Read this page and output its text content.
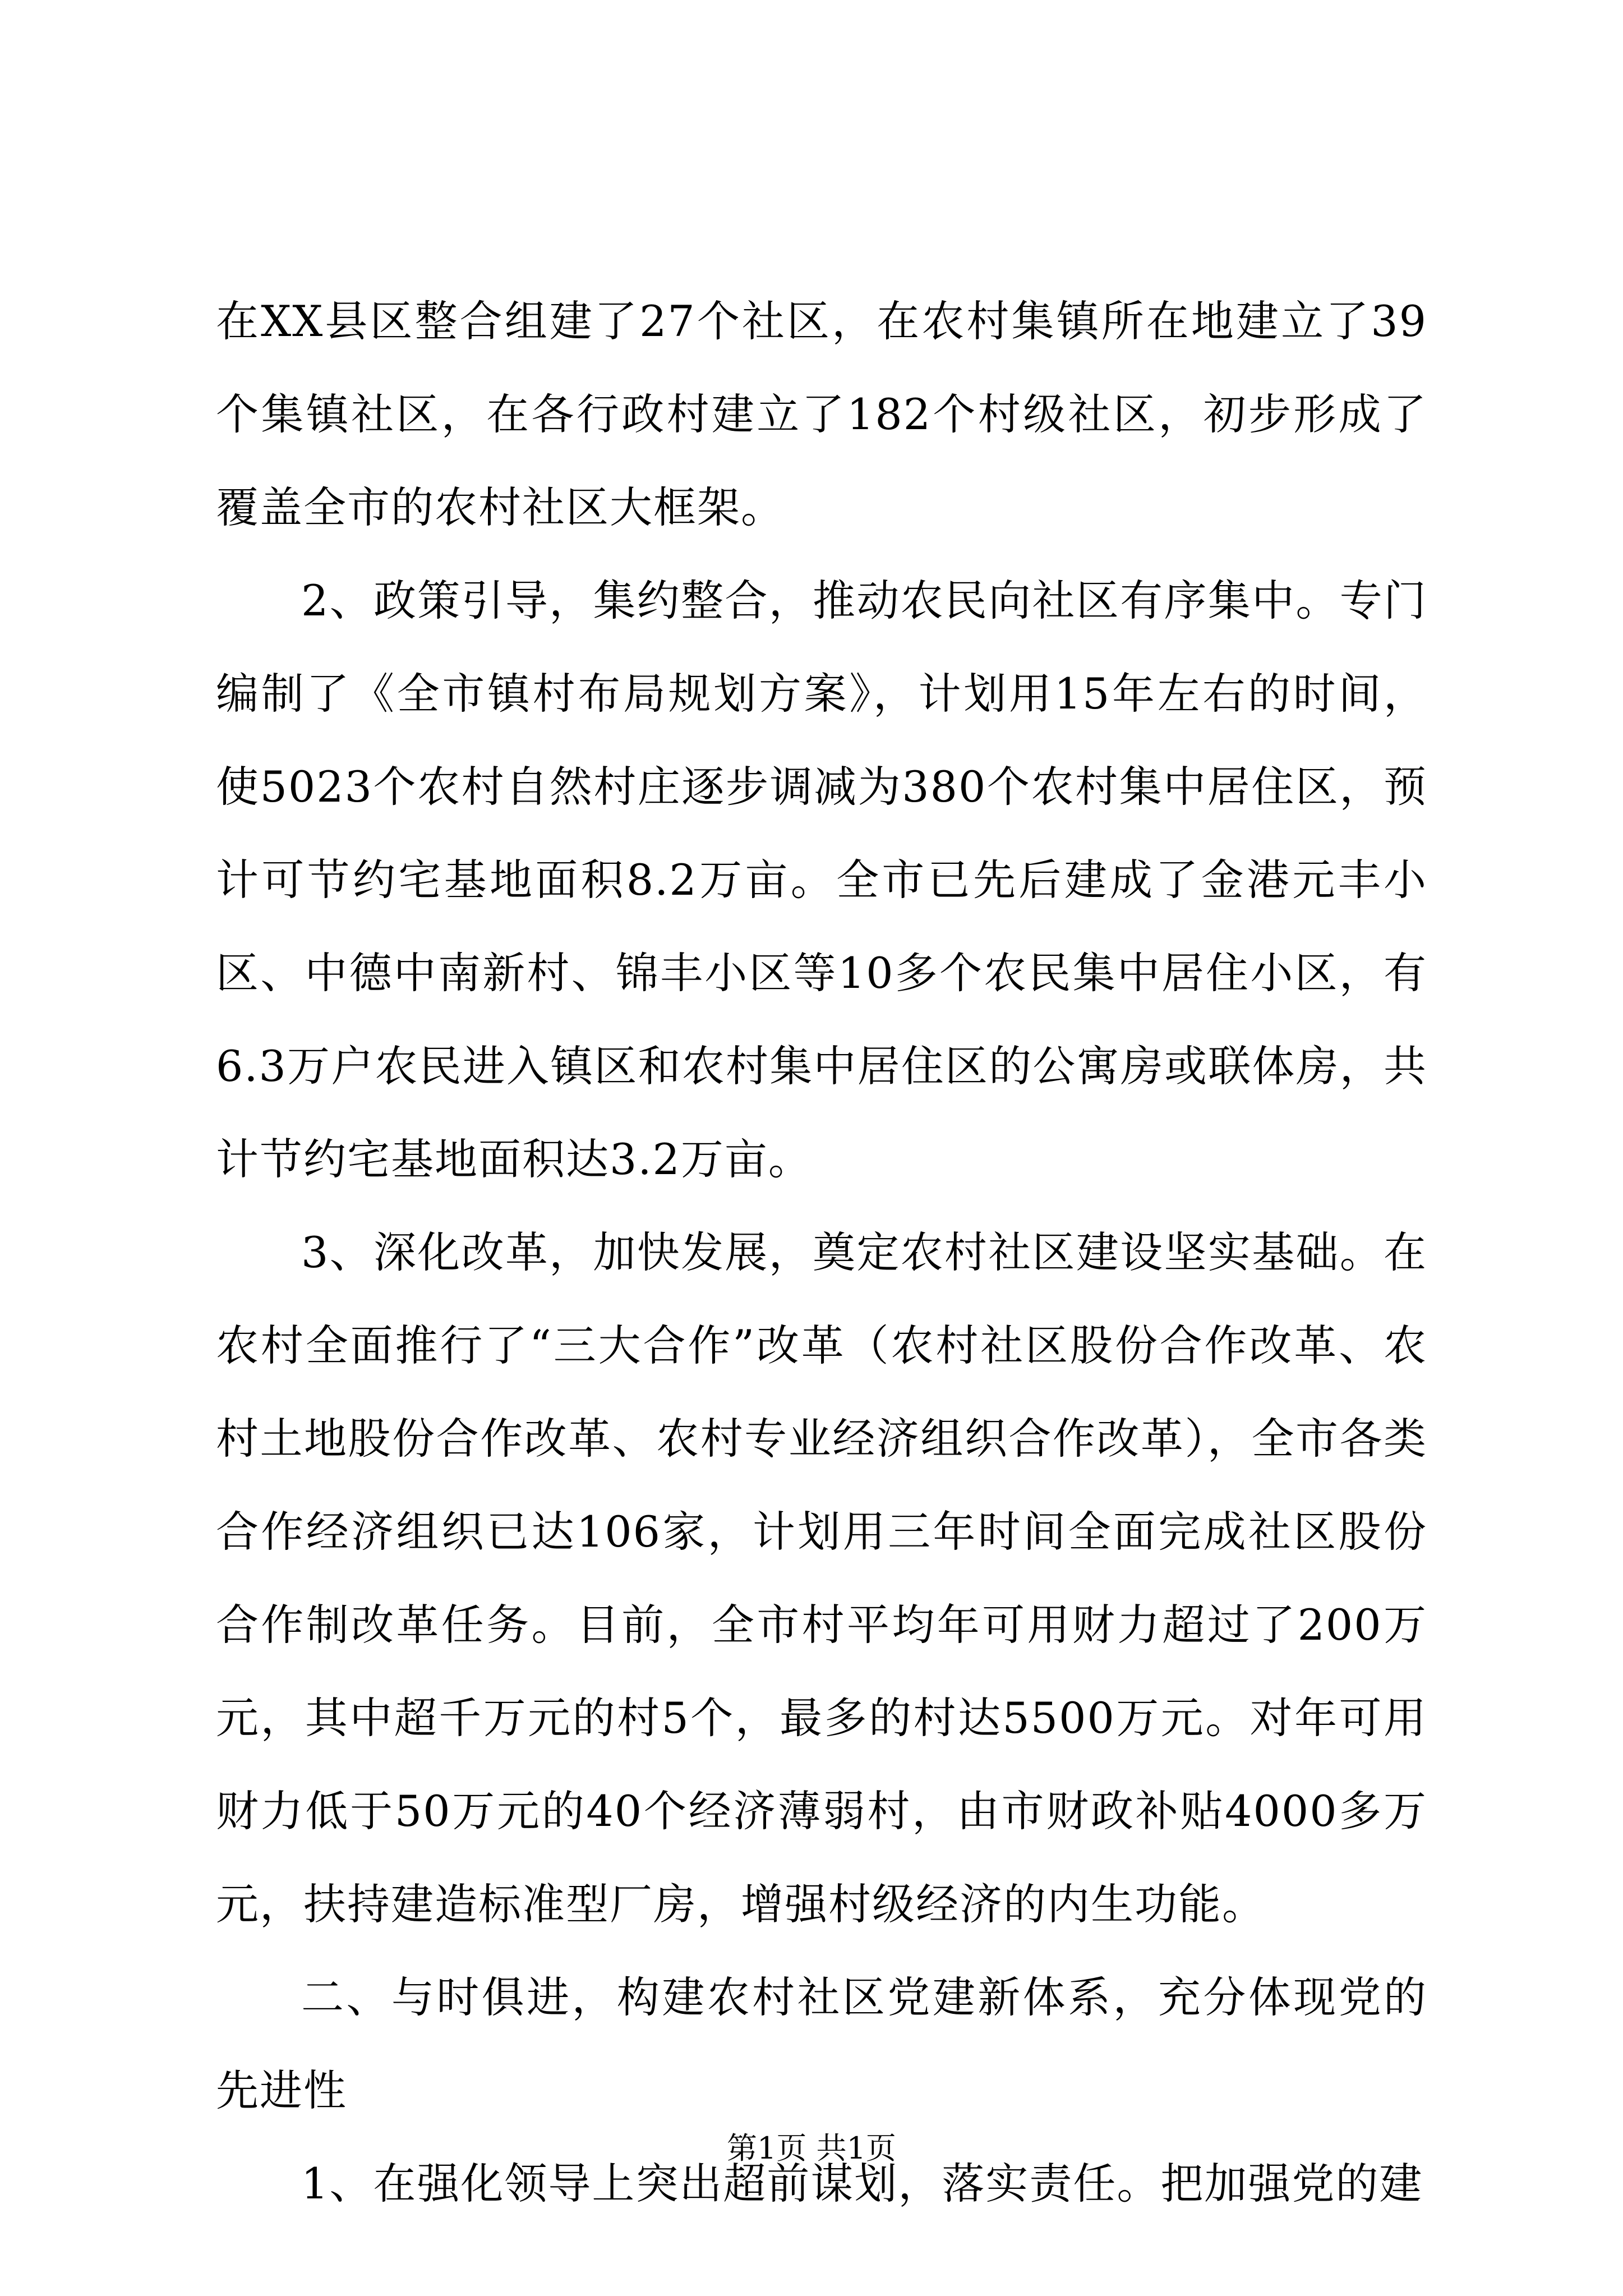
在XX县区整合组建了27个社区，在农村集镇所在地建立了39个集镇社区，在各行政村建立了182个村级社区，初步形成了覆盖全市的农村社区大框架。

2、政策引导，集约整合，推动农民向社区有序集中。专门编制了《全市镇村布局规划方案》，计划用15年左右的时间，使5023个农村自然村庄逐步调减为380个农村集中居住区，预计可节约宅基地面积8.2万亩。全市已先后建成了金港元丰小区、中德中南新村、锦丰小区等10多个农民集中居住小区，有6.3万户农民进入镇区和农村集中居住区的公寓房或联体房，共计节约宅基地面积达3.2万亩。

3、深化改革，加快发展，奠定农村社区建设坚实基础。在农村全面推行了“三大合作”改革（农村社区股份合作改革、农村土地股份合作改革、农村专业经济组织合作改革），全市各类合作经济组织已达106家，计划用三年时间全面完成社区股份合作制改革任务。目前，全市村平均年可用财力超过了200万元，其中超千万元的村5个，最多的村达5500万元。对年可用财力低于50万元的40个经济薄弱村，由市财政补贴4000多万元，扶持建造标准型厂房，增强村级经济的内生功能。

二、与时俱进，构建农村社区党建新体系，充分体现党的先进性

1、在强化领导上突出超前谋划，落实责任。把加强党的建

第1页 共1页
